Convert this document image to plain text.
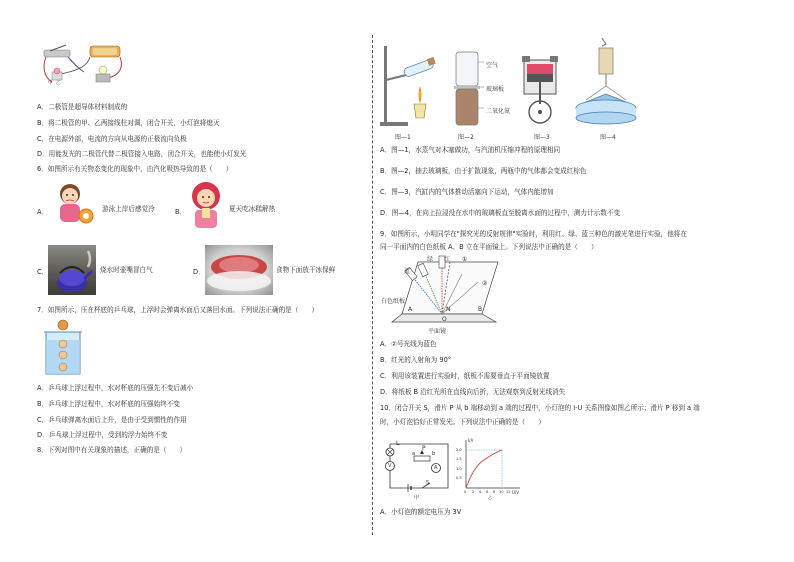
甲 乙
A．二极管是超导体材料制成的
B．将二极管的甲、乙两接线柱对调，闭合开关，小灯泡将熄灭
C．在电源外部，电流的方向从电源的正极流向负极
D．用能发光的二极管代替二极管接入电路，闭合开关，也能使小灯发光
6．如图所示有关物态变化的现象中，由汽化吸热导致的是（　　）
A．	游泳上岸后感觉冷	B．	夏天吃冰糕解热
C．	烧水时壶嘴冒白气	D．	食物下面放干冰保鲜
7．如图所示，压在杯底的乒乓球，上浮时会弹离水面后又落回水面。下列说法正确的是（　　）
A．乒乓球上浮过程中，水对杯底的压强先不变后减小
B．乒乓球上浮过程中，水对杯底的压强始终不变
C．乒乓球弹离水面后上升，是由于受到惯性的作用
D．乒乓球上浮过程中，受到的浮力始终不变
8．下列对图中有关现象的描述，正确的是（　　）
图—1
空气
玻璃板
二氧化氮
图—2	图—3	图—4
A．图—1，水蒸气对木塞做功，与汽油机压缩冲程的原理相同
B．图—2，抽去玻璃板，由于扩散现象，两瓶中的气体都会变成红棕色
C．图—3，汽缸内的气体推动活塞向下运动，气体内能增加
D．图—4，在向上拉浸没在水中的玻璃板直至脱离水面的过程中，测力计示数不变
9．如图所示，小明同学在"探究光的反射规律"实验时，利用红、绿、蓝三种色的激光笔进行实验，他将在
同一平面内的白色纸板 A、B 立在平面镜上。下列说法中正确的是（　　）
绿 红
蓝
①
②
白色纸板
A	B
N
O
平面镜
A．②号光线为蓝色
B．红光的入射角为 90°
C．利用该装置进行实验时，纸板不需要垂直于平面镜放置
D．将纸板 B 沿红光所在直线向后折，无法观察到反射光线消失
10．闭合开关 S，滑片 P 从 b 端移动到 a 端的过程中，小灯泡的 I-U 关系图像如图乙所示；滑片 P 移到 a 端
时，小灯泡恰好正常发光。下列说法中正确的是（　　）
L
V	A
P
a	b
S
甲
I/A
U/V
2.0
1.5
1.0
0.5
0 2 4 6 8 10 12
乙
A．小灯泡的额定电压为 3V
